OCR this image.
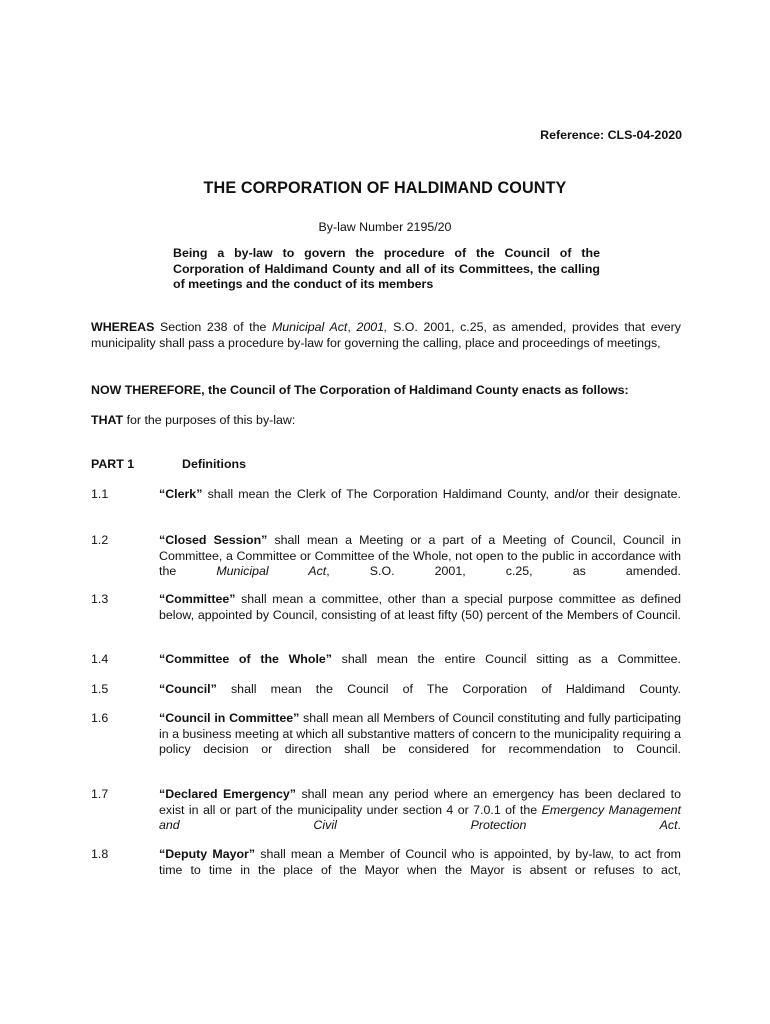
Reference: CLS-04-2020
THE CORPORATION OF HALDIMAND COUNTY
By-law Number 2195/20
Being a by-law to govern the procedure of the Council of the Corporation of Haldimand County and all of its Committees, the calling of meetings and the conduct of its members
WHEREAS Section 238 of the Municipal Act, 2001, S.O. 2001, c.25, as amended, provides that every municipality shall pass a procedure by-law for governing the calling, place and proceedings of meetings,
NOW THEREFORE, the Council of The Corporation of Haldimand County enacts as follows:
THAT for the purposes of this by-law:
PART 1	Definitions
1.1	“Clerk” shall mean the Clerk of The Corporation Haldimand County, and/or their designate.
1.2	“Closed Session” shall mean a Meeting or a part of a Meeting of Council, Council in Committee, a Committee or Committee of the Whole, not open to the public in accordance with the Municipal Act, S.O. 2001, c.25, as amended.
1.3	“Committee” shall mean a committee, other than a special purpose committee as defined below, appointed by Council, consisting of at least fifty (50) percent of the Members of Council.
1.4	“Committee of the Whole” shall mean the entire Council sitting as a Committee.
1.5	“Council” shall mean the Council of The Corporation of Haldimand County.
1.6	“Council in Committee” shall mean all Members of Council constituting and fully participating in a business meeting at which all substantive matters of concern to the municipality requiring a policy decision or direction shall be considered for recommendation to Council.
1.7	“Declared Emergency” shall mean any period where an emergency has been declared to exist in all or part of the municipality under section 4 or 7.0.1 of the Emergency Management and Civil Protection Act.
1.8	“Deputy Mayor” shall mean a Member of Council who is appointed, by by-law, to act from time to time in the place of the Mayor when the Mayor is absent or refuses to act,
